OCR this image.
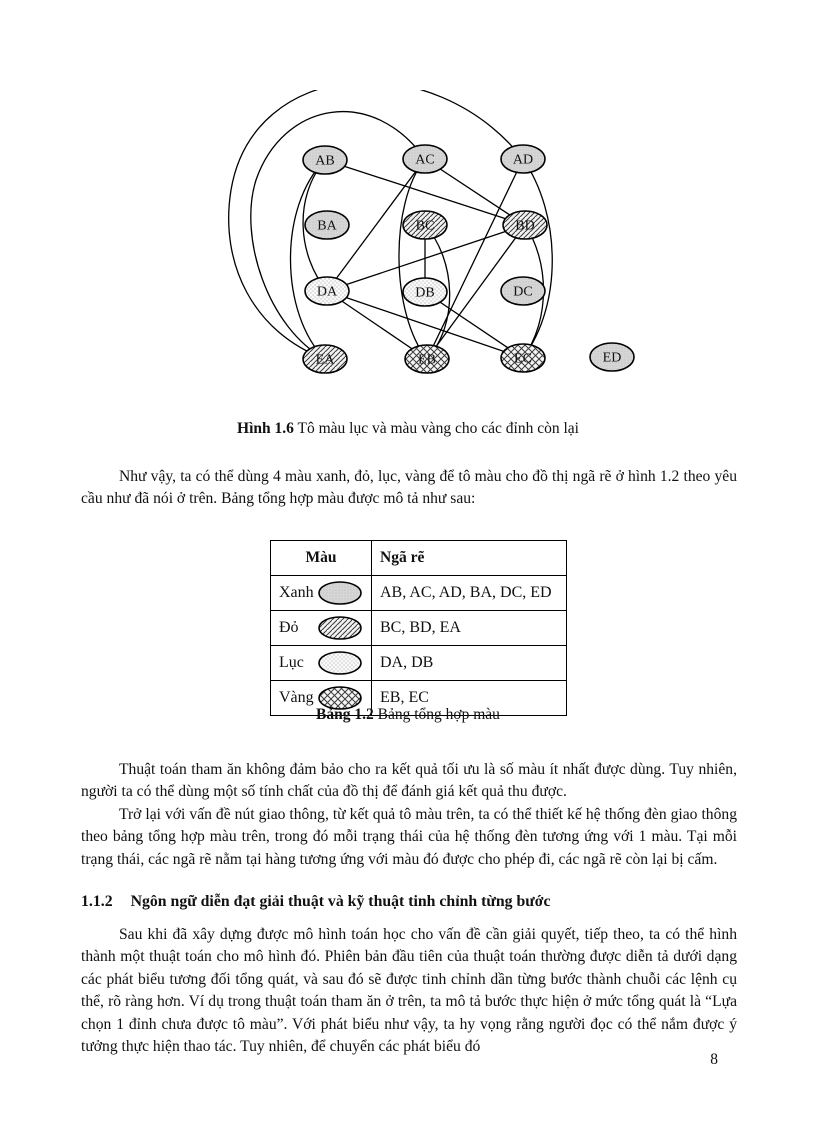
AB	AC	AD
BA	BC	BD
DA	DB	DC
EA	EB	EC	ED
Hình 1.6 Tô màu lục và màu vàng cho các đỉnh còn lại

Như vậy, ta có thể dùng 4 màu xanh, đỏ, lục, vàng để tô màu cho đồ thị ngã rẽ ở hình 1.2 theo yêu cầu như đã nói ở trên. Bảng tổng hợp màu được mô tả như sau:

Màu	Ngã rẽ

Xanh	AB, AC, AD, BA, DC, ED

Đỏ	BC, BD, EA

Lục	DA, DB

Vàng	EB, EC
Bảng 1.2 Bảng tổng hợp màu

Thuật toán tham ăn không đảm bảo cho ra kết quả tối ưu là số màu ít nhất được dùng. Tuy nhiên, người ta có thể dùng một số tính chất của đồ thị để đánh giá kết quả thu được.

Trở lại với vấn đề nút giao thông, từ kết quả tô màu trên, ta có thể thiết kế hệ thống đèn giao thông theo bảng tổng hợp màu trên, trong đó mỗi trạng thái của hệ thống đèn tương ứng với 1 màu. Tại mỗi trạng thái, các ngã rẽ nằm tại hàng tương ứng với màu đó được cho phép đi, các ngã rẽ còn lại bị cấm.

1.1.2 Ngôn ngữ diễn đạt giải thuật và kỹ thuật tinh chỉnh từng bước

Sau khi đã xây dựng được mô hình toán học cho vấn đề cần giải quyết, tiếp theo, ta có thể hình thành một thuật toán cho mô hình đó. Phiên bản đầu tiên của thuật toán thường được diễn tả dưới dạng các phát biểu tương đối tổng quát, và sau đó sẽ được tinh chỉnh dần từng bước thành chuỗi các lệnh cụ thể, rõ ràng hơn. Ví dụ trong thuật toán tham ăn ở trên, ta mô tả bước thực hiện ở mức tổng quát là “Lựa chọn 1 đỉnh chưa được tô màu”. Với phát biểu như vậy, ta hy vọng rằng người đọc có thể nắm được ý tưởng thực hiện thao tác. Tuy nhiên, để chuyển các phát biểu đó

8
